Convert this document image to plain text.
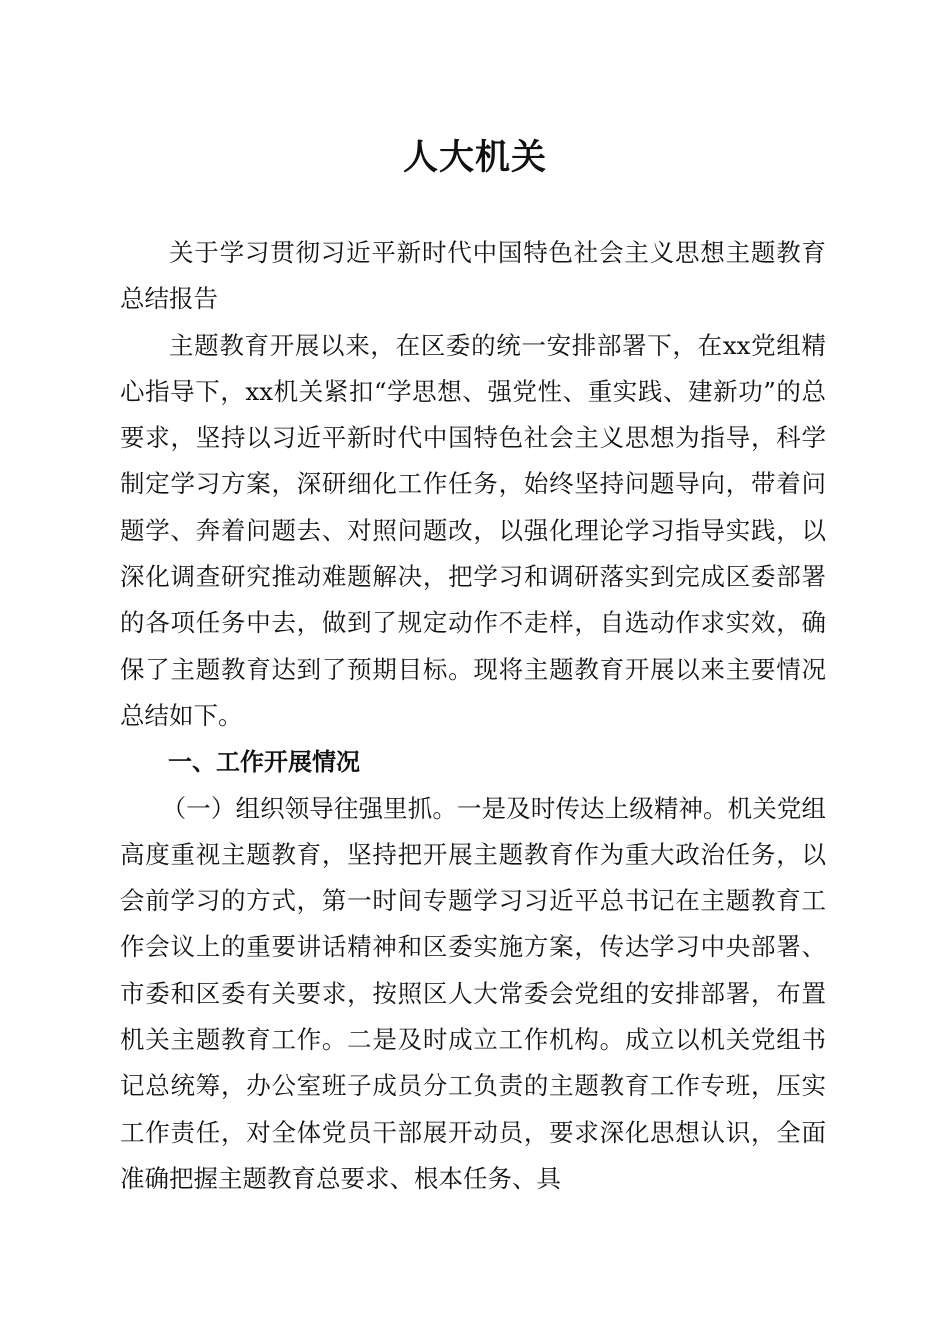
人大机关

关于学习贯彻习近平新时代中国特色社会主义思想主题教育总结报告

主题教育开展以来，在区委的统一安排部署下，在xx党组精心指导下，xx机关紧扣“学思想、强党性、重实践、建新功”的总要求，坚持以习近平新时代中国特色社会主义思想为指导，科学制定学习方案，深研细化工作任务，始终坚持问题导向，带着问题学、奔着问题去、对照问题改，以强化理论学习指导实践，以深化调查研究推动难题解决，把学习和调研落实到完成区委部署的各项任务中去，做到了规定动作不走样，自选动作求实效，确保了主题教育达到了预期目标。现将主题教育开展以来主要情况总结如下。

一、工作开展情况

（一）组织领导往强里抓。一是及时传达上级精神。机关党组高度重视主题教育，坚持把开展主题教育作为重大政治任务，以会前学习的方式，第一时间专题学习习近平总书记在主题教育工作会议上的重要讲话精神和区委实施方案，传达学习中央部署、市委和区委有关要求，按照区人大常委会党组的安排部署，布置机关主题教育工作。二是及时成立工作机构。成立以机关党组书记总统筹，办公室班子成员分工负责的主题教育工作专班，压实工作责任，对全体党员干部展开动员，要求深化思想认识，全面准确把握主题教育总要求、根本任务、具
